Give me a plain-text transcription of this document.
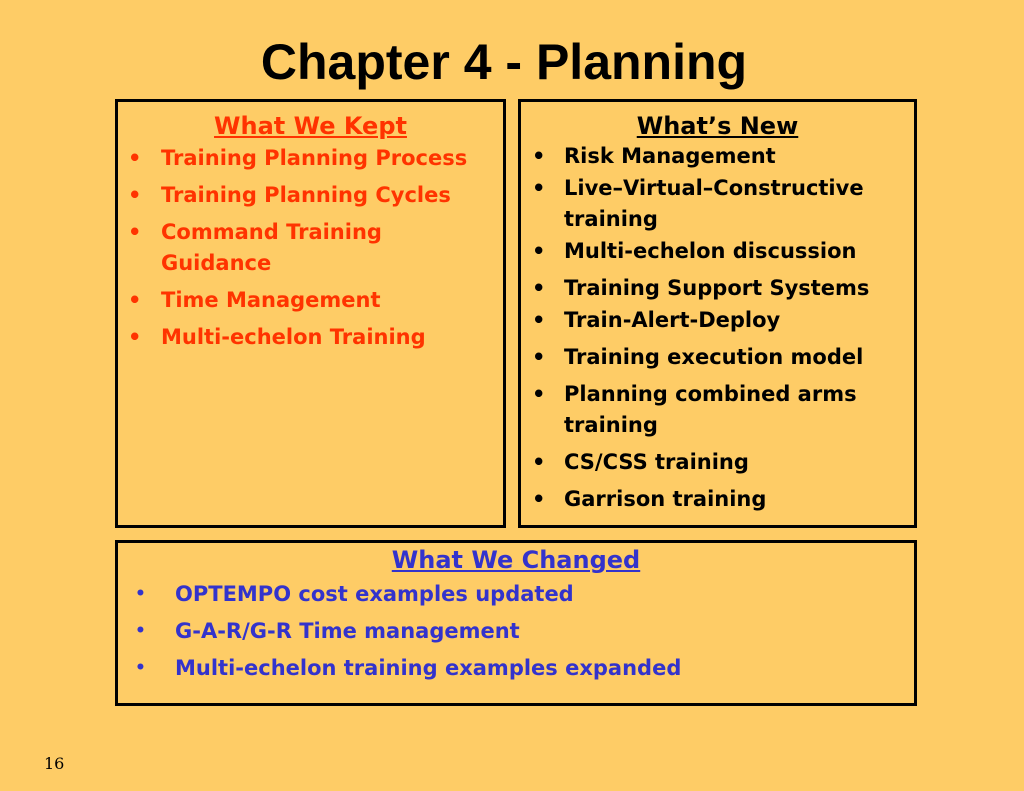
Chapter 4 - Planning
What We Kept
• Training Planning Process
• Training Planning Cycles
• Command Training Guidance
• Time Management
• Multi-echelon Training
What’s New
• Risk Management
• Live–Virtual–Constructive training
• Multi-echelon discussion
• Training Support Systems
• Train-Alert-Deploy
• Training execution model
• Planning combined arms training
• CS/CSS training
• Garrison training
What We Changed
• OPTEMPO cost examples updated
• G-A-R/G-R Time management
• Multi-echelon training examples expanded
16
